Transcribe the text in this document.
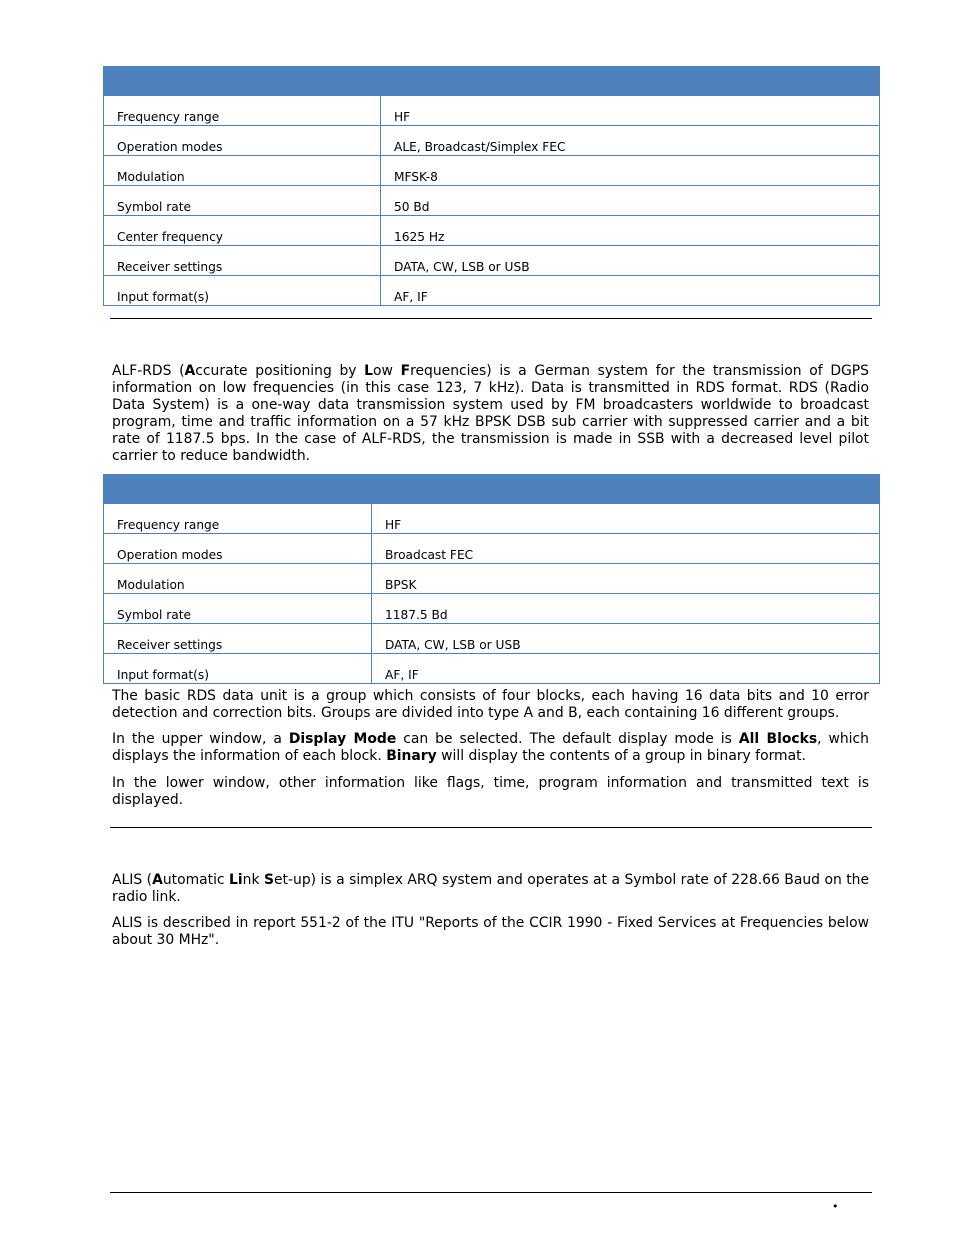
Frequency range	HF
Operation modes	ALE, Broadcast/Simplex FEC
Modulation	MFSK-8
Symbol rate	50 Bd
Center frequency	1625 Hz
Receiver settings	DATA, CW, LSB or USB
Input format(s)	AF, IF

ALF-RDS (Accurate positioning by Low Frequencies) is a German system for the transmission of DGPS information on low frequencies (in this case 123, 7 kHz). Data is transmitted in RDS format. RDS (Radio Data System) is a one-way data transmission system used by FM broadcasters worldwide to broadcast program, time and traffic information on a 57 kHz BPSK DSB sub carrier with suppressed carrier and a bit rate of 1187.5 bps. In the case of ALF-RDS, the transmission is made in SSB with a decreased level pilot carrier to reduce bandwidth.

Frequency range	HF
Operation modes	Broadcast FEC
Modulation	BPSK
Symbol rate	1187.5 Bd
Receiver settings	DATA, CW, LSB or USB
Input format(s)	AF, IF

The basic RDS data unit is a group which consists of four blocks, each having 16 data bits and 10 error detection and correction bits. Groups are divided into type A and B, each containing 16 different groups.

In the upper window, a Display Mode can be selected. The default display mode is All Blocks, which displays the information of each block. Binary will display the contents of a group in binary format.

In the lower window, other information like flags, time, program information and transmitted text is displayed.

ALIS (Automatic Link Set-up) is a simplex ARQ system and operates at a Symbol rate of 228.66 Baud on the radio link.

ALIS is described in report 551-2 of the ITU "Reports of the CCIR 1990 - Fixed Services at Frequencies below about 30 MHz".

•
